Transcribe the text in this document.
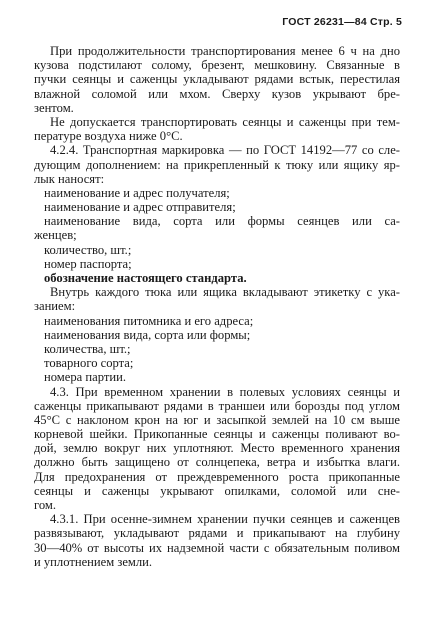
ГОСТ 26231—84 Стр. 5
При продолжительности транспортирования менее 6 ч на дно
кузова подстилают солому, брезент, мешковину. Связанные в
пучки сеянцы и саженцы укладывают рядами встык, перестилая
влажной соломой или мхом. Сверху кузов укрывают бре-
зентом.
Не допускается транспортировать сеянцы и саженцы при тем-
пературе воздуха ниже 0°С.
4.2.4. Транспортная маркировка — по ГОСТ 14192—77 со сле-
дующим дополнением: на прикрепленный к тюку или ящику яр-
лык наносят:
наименование и адрес получателя;
наименование и адрес отправителя;
наименование вида, сорта или формы сеянцев или са-
женцев;
количество, шт.;
номер паспорта;
обозначение настоящего стандарта.
Внутрь каждого тюка или ящика вкладывают этикетку с ука-
занием:
наименования питомника и его адреса;
наименования вида, сорта или формы;
количества, шт.;
товарного сорта;
номера партии.
4.3. При временном хранении в полевых условиях сеянцы и
саженцы прикапывают рядами в траншеи или борозды под углом
45°С с наклоном крон на юг и засыпкой землей на 10 см выше
корневой шейки. Прикопанные сеянцы и саженцы поливают во-
дой, землю вокруг них уплотняют. Место временного хранения
должно быть защищено от солнцепека, ветра и избытка влаги.
Для предохранения от преждевременного роста прикопанные
сеянцы и саженцы укрывают опилками, соломой или сне-
гом.
4.3.1. При осенне-зимнем хранении пучки сеянцев и саженцев
развязывают, укладывают рядами и прикапывают на глубину
30—40% от высоты их надземной части с обязательным поливом
и уплотнением земли.
